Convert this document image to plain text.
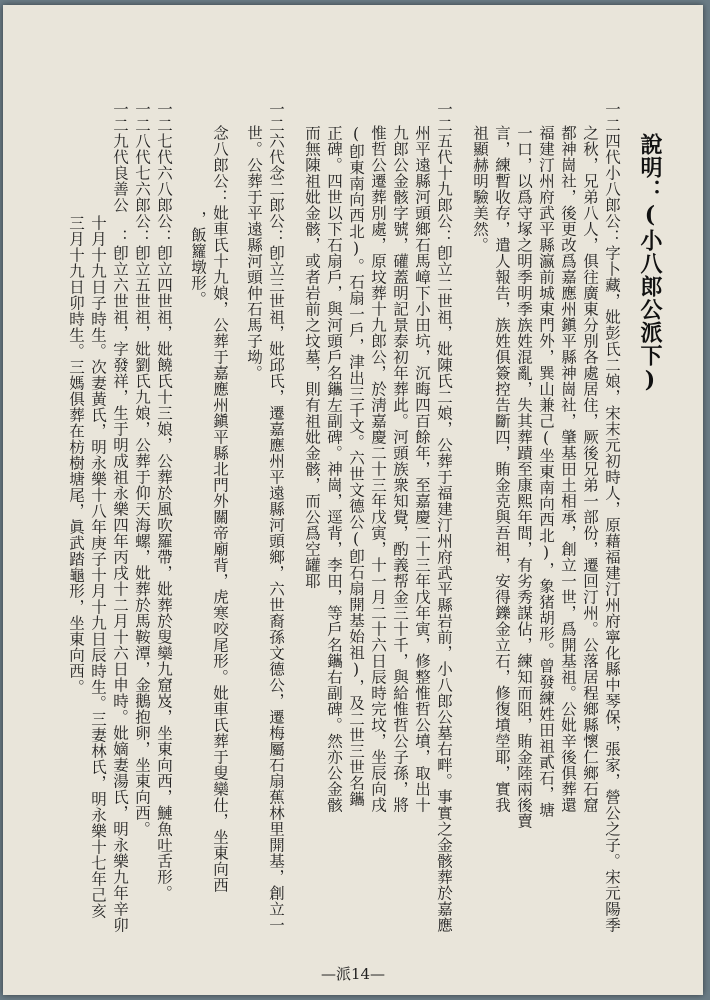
說明：(小八郎公派下)
一二四代小八郎公：字卜藏，妣彭氏二娘，宋末元初時人，原藉福建汀州府寧化縣中琴保，張家，營公之子。宋元陽季
之秋，兄弟八人，俱往廣東分別各處居住，厥後兄弟一部份，遷回汀州。公落居程鄉縣懷仁鄉石窟
都神崗社，後更改爲嘉應州鎭平縣神崗社，肇基田土相承，創立一世，爲開基祖。公妣辛後俱葬還
福建汀州府武平縣瀛前城東門外，巽山兼己(坐東南向西北)，象猪胡形。曾發練姓田祖貳石，塘
一口，以爲守塚之明季明季族姓混亂，失其葬蹟至康熙年間，有劣秀謀佔，練知而阻，賄金陸兩後賣
言，練暫收存，遣人報告，族姓俱簽控告斷四，賄金克與吾祖，安得鑠金立石，修復墳塋耶，實我
祖顯赫明驗美然。
一二五代十九郎公：卽立二世祖，妣陳氏二娘，公葬于福建汀州府武平縣岩前，小八郎公墓右畔。事實之金骸葬於嘉應
州平遠縣河頭鄉石馬嶂下小田坑，沉晦四百餘年，至嘉慶二十三年戊年寅，修整惟哲公墳，取出十
九郎公金骸字號，礶蓋明記景泰初年葬此。河頭族衆知覺，酌義帮金三十千，與給惟哲公子孫，將
惟哲公遷葬別處，原坟葬十九郎公，於淸嘉慶二十三年戊寅，十一月二十六日辰時完坟，坐辰向戌
(卽東南向西北)。石扇一戶，津出三千文。六世文德公(卽石扇開基始祖)，及二世三世名鑴
正碑。四世以下石扇戶，與河頭戶名鑴左副碑。神崗，逕背，李田，等戶名鑴右副碑。然亦公金骸
而無陳祖妣金骸，或者岩前之坟墓，則有祖妣金骸，而公爲空罐耶
一二六代念二郎公：卽立三世祖，妣邱氏，遷嘉應州平遠縣河頭鄉，六世裔孫文德公，遷梅屬石扇蕉林里開基，創立一
世。公葬于平遠縣河頭仲石馬子坳。
念八郎公：妣車氏十九娘，公葬于嘉應州鎭平縣北門外關帝廟背，虎寒咬尾形。妣車氏葬于叟欒仕，坐東向西
，飯籮墩形。
一二七代六八郎公：卽立四世祖，妣饒氏十三娘，公葬於風吹羅帶，妣葬於叟欒九窟岌，坐東向西，鰱魚吐舌形。
一二八代七六郎公：卽立五世祖，妣劉氏九娘，公葬于仰天海螺，妣葬於馬鞍潭，金鵝抱卵，坐東向西。
一二九代良善公　：卽立六世祖，字發祥，生于明成祖永樂四年丙戌十二月十六日申時。妣嫡妻湯氏，明永樂九年辛卯
十月十九日子時生。次妻黃氏，明永樂十八年庚子十月十九日辰時生。三妻林氏，明永樂十七年己亥
三月十九日卯時生。三媽俱葬在枋樹塘尾，眞武踏龜形，坐東向西。
—派14—
